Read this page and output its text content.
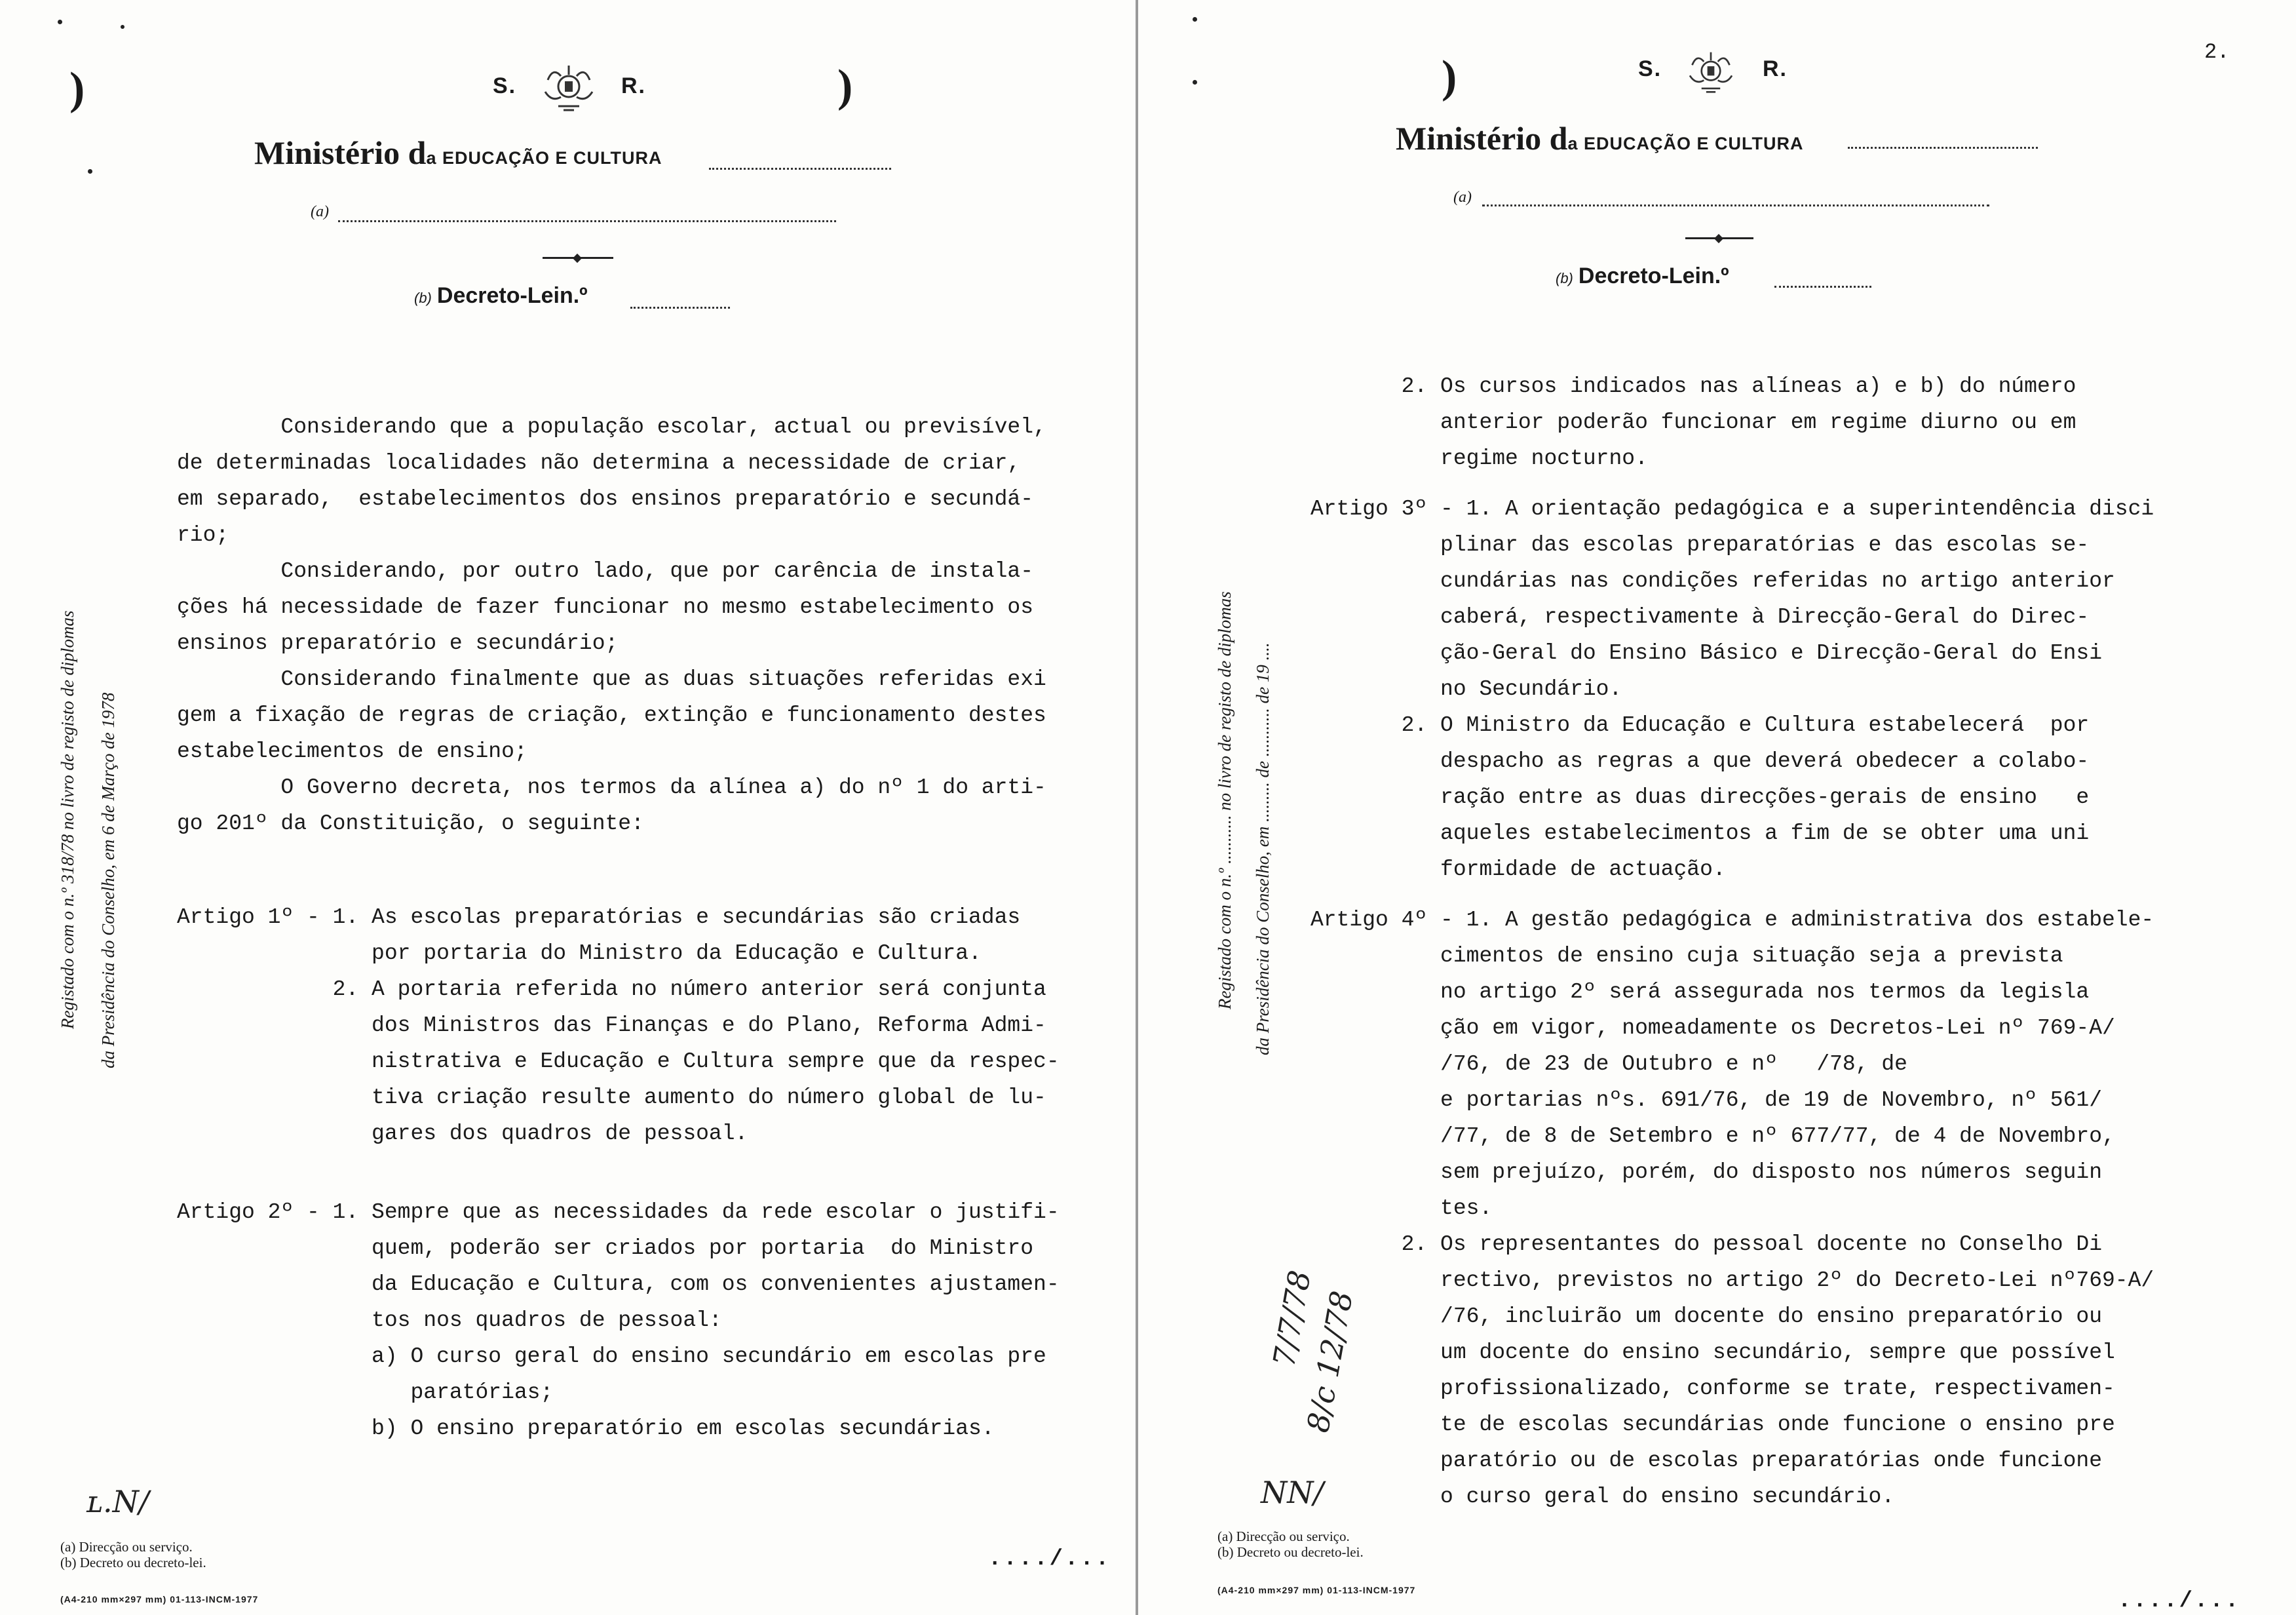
)	)
S.	R.
Ministério da EDUCAÇÃO E CULTURA
(a)
(b) Decreto-Lein.º
Considerando que a população escolar, actual ou previsível,
de determinadas localidades não determina a necessidade de criar,
em separado,  estabelecimentos dos ensinos preparatório e secundá-
rio;
Considerando, por outro lado, que por carência de instala-
ções há necessidade de fazer funcionar no mesmo estabelecimento os
ensinos preparatório e secundário;
Considerando finalmente que as duas situações referidas exi
gem a fixação de regras de criação, extinção e funcionamento destes
estabelecimentos de ensino;
O Governo decreta, nos termos da alínea a) do nº 1 do arti-
go 201º da Constituição, o seguinte:
Artigo 1º - 1. As escolas preparatórias e secundárias são criadas
por portaria do Ministro da Educação e Cultura.
2. A portaria referida no número anterior será conjunta
dos Ministros das Finanças e do Plano, Reforma Admi-
nistrativa e Educação e Cultura sempre que da respec-
tiva criação resulte aumento do número global de lu-
gares dos quadros de pessoal.
Artigo 2º - 1. Sempre que as necessidades da rede escolar o justifi-
quem, poderão ser criados por portaria  do Ministro
da Educação e Cultura, com os convenientes ajustamen-
tos nos quadros de pessoal:
a) O curso geral do ensino secundário em escolas pre
paratórias;
b) O ensino preparatório em escolas secundárias.
Registado com o n.º 318/78 no livro de registo de diplomas da Presidência do Conselho, em 6 de Março de 1978
ʟ.N/
(a) Direcção ou serviço.
(b) Decreto ou decreto-lei.
(A4-210 mm×297 mm) 01-113-INCM-1977
..../...
)	2.
S.	R.
Ministério da EDUCAÇÃO E CULTURA
(a)
(b) Decreto-Lein.º
2. Os cursos indicados nas alíneas a) e b) do número
anterior poderão funcionar em regime diurno ou em
regime nocturno.

Artigo 3º - 1. A orientação pedagógica e a superintendência disci
plinar das escolas preparatórias e das escolas se-
cundárias nas condições referidas no artigo anterior
caberá, respectivamente à Direcção-Geral do Direc-
ção-Geral do Ensino Básico e Direcção-Geral do Ensi
no Secundário.
2. O Ministro da Educação e Cultura estabelecerá  por
despacho as regras a que deverá obedecer a colabo-
ração entre as duas direcções-gerais de ensino   e
aqueles estabelecimentos a fim de se obter uma uni
formidade de actuação.

Artigo 4º - 1. A gestão pedagógica e administrativa dos estabele-
cimentos de ensino cuja situação seja a prevista
no artigo 2º será assegurada nos termos da legisla
ção em vigor, nomeadamente os Decretos-Lei nº 769-A/
/76, de 23 de Outubro e nº   /78, de
e portarias nºs. 691/76, de 19 de Novembro, nº 561/
/77, de 8 de Setembro e nº 677/77, de 4 de Novembro,
sem prejuízo, porém, do disposto nos números seguin
tes.
2. Os representantes do pessoal docente no Conselho Di
rectivo, previstos no artigo 2º do Decreto-Lei nº769-A/
/76, incluirão um docente do ensino preparatório ou
um docente do ensino secundário, sempre que possível
profissionalizado, conforme se trate, respectivamen-
te de escolas secundárias onde funcione o ensino pre
paratório ou de escolas preparatórias onde funcione
o curso geral do ensino secundário.
Registado com o n.º ........... no livro de registo de diplomas da Presidência do Conselho, em ......... de ........... de 19 ....
8/c 12/78
7/7/78
NN/
(a) Direcção ou serviço.
(b) Decreto ou decreto-lei.
(A4-210 mm×297 mm) 01-113-INCM-1977	..../...
